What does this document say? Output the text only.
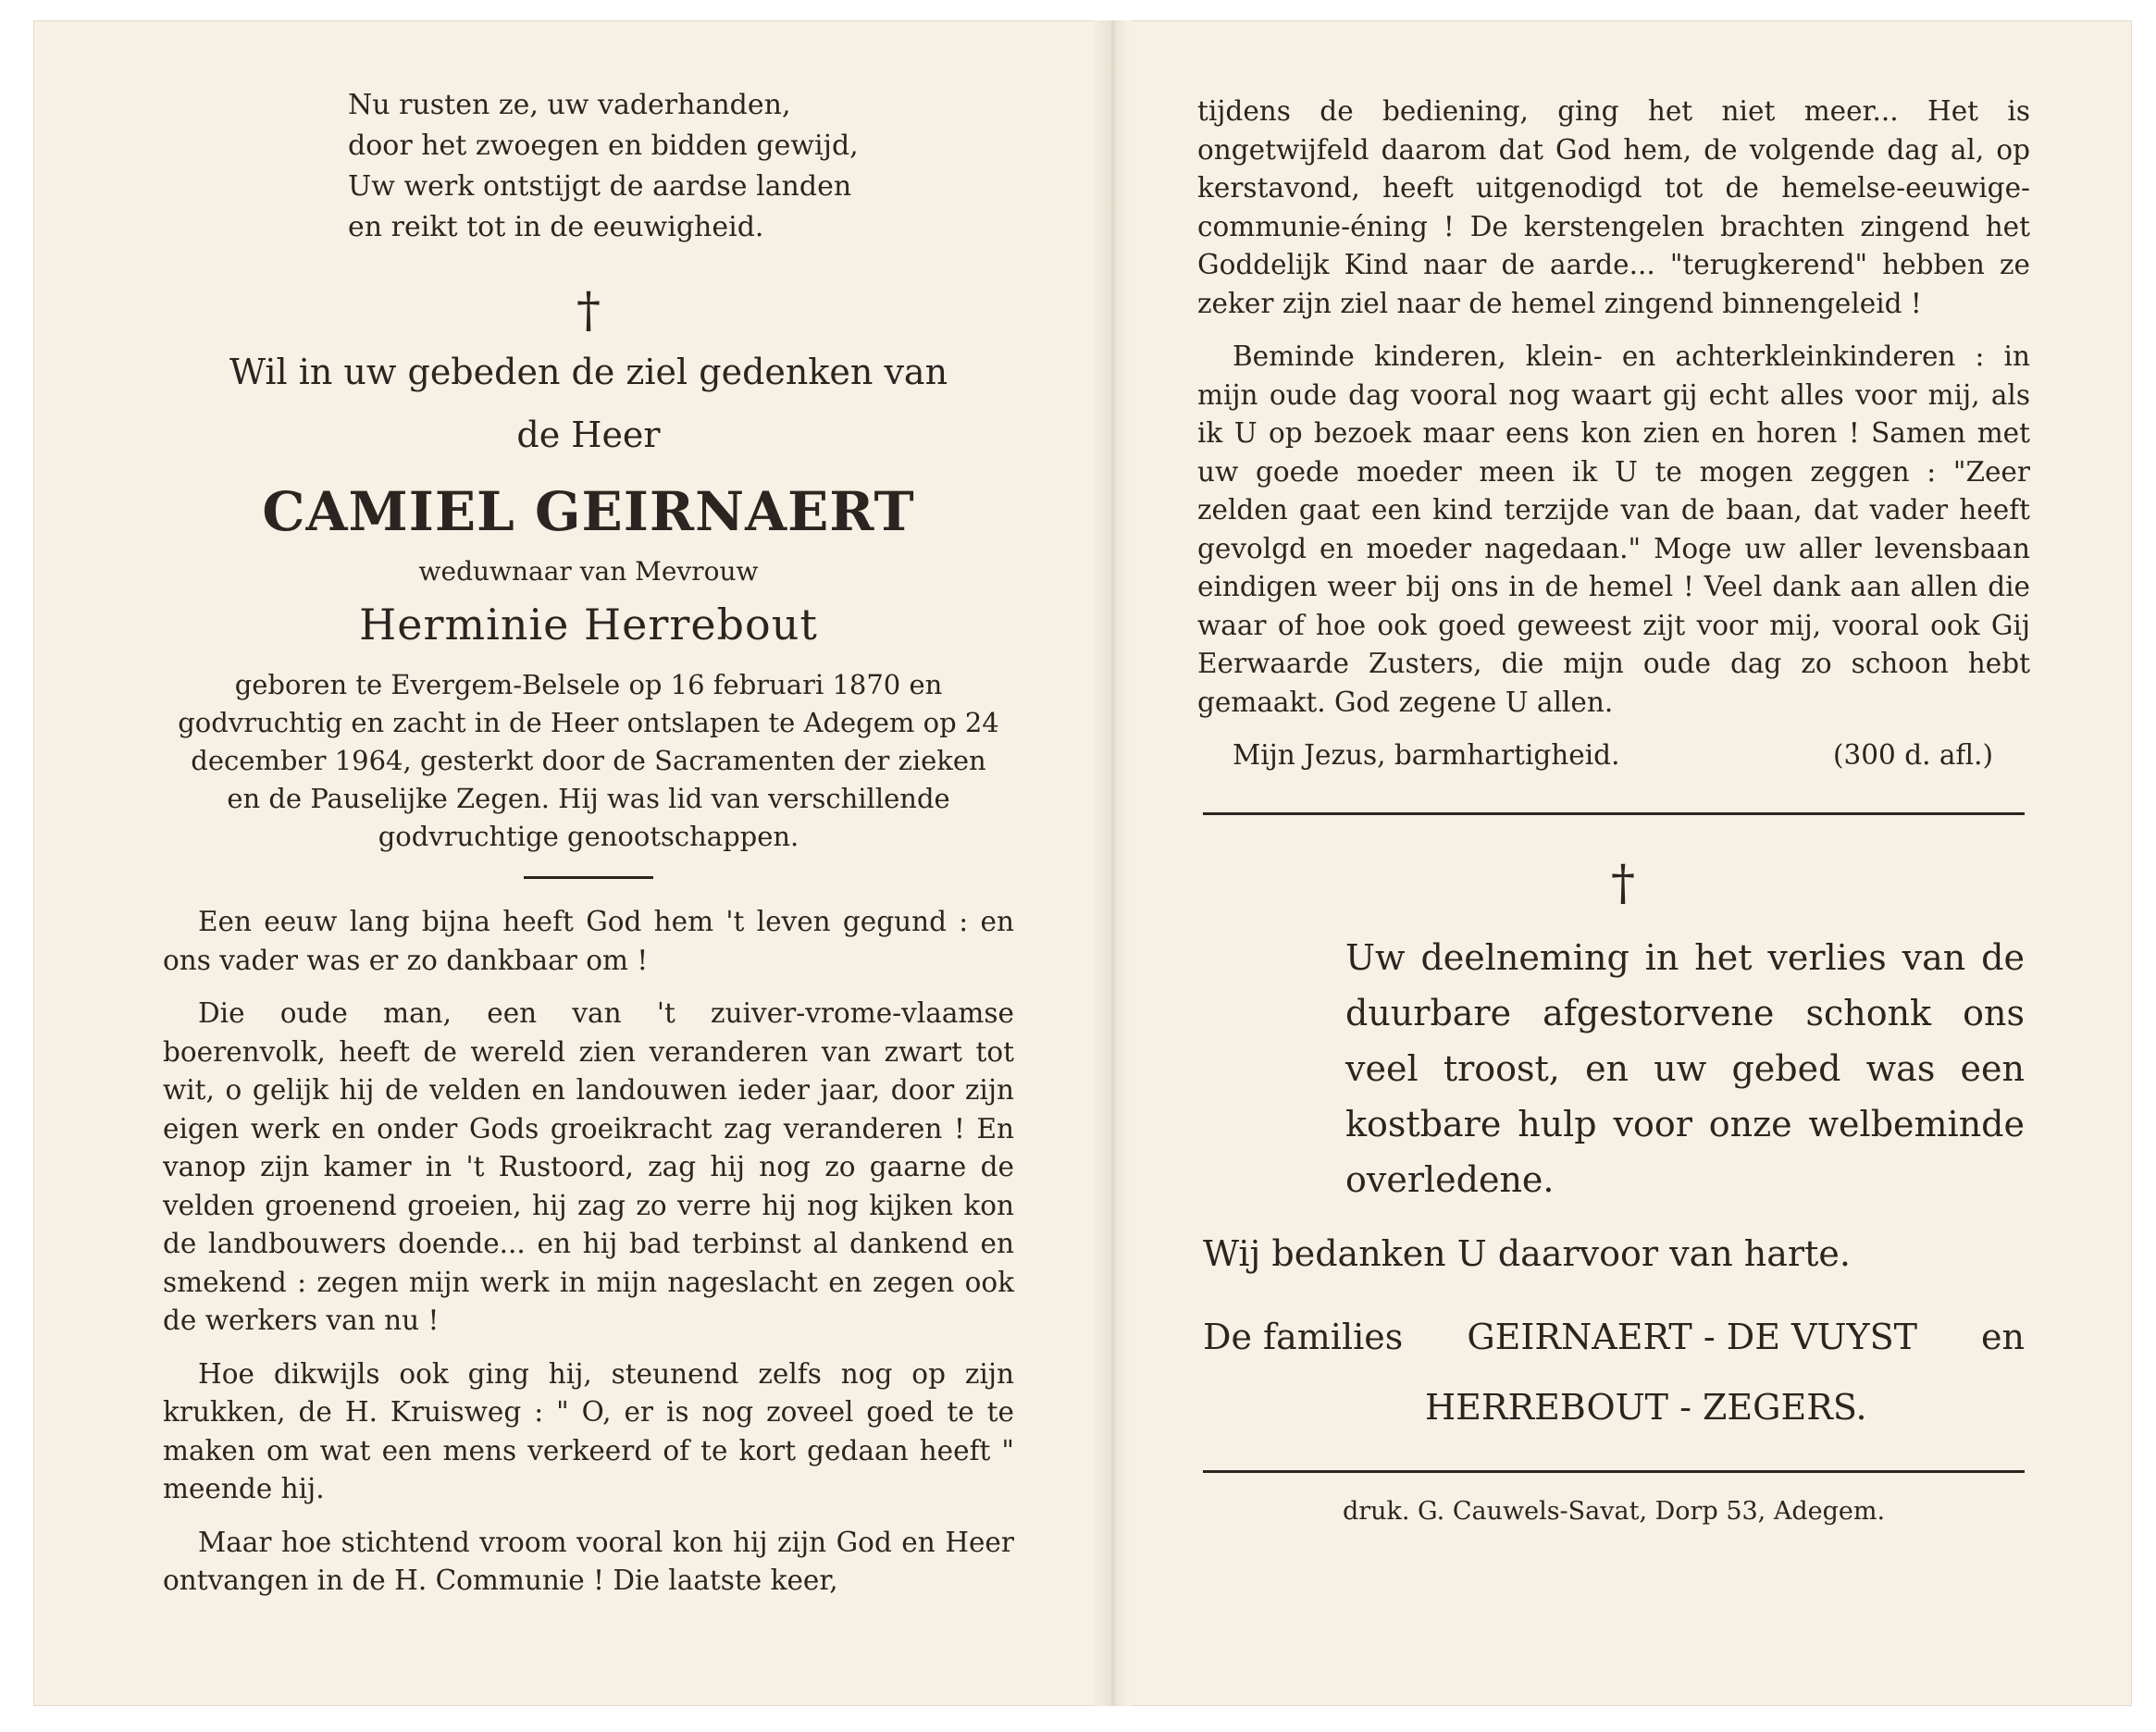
Nu rusten ze, uw vaderhanden,
door het zwoegen en bidden gewijd,
Uw werk ontstijgt de aardse landen
en reikt tot in de eeuwigheid.
†
Wil in uw gebeden de ziel gedenken van
de Heer
CAMIEL GEIRNAERT
weduwnaar van Mevrouw
Herminie Herrebout
geboren te Evergem-Belsele op 16 februari 1870 en godvruchtig en zacht in de Heer ontslapen te Adegem op 24 december 1964, gesterkt door de Sacramenten der zieken en de Pauselijke Zegen. Hij was lid van verschillende godvruchtige genootschappen.

Een eeuw lang bijna heeft God hem 't leven gegund : en ons vader was er zo dankbaar om !

Die oude man, een van 't zuiver-vrome-vlaamse boerenvolk, heeft de wereld zien veranderen van zwart tot wit, o gelijk hij de velden en landouwen ieder jaar, door zijn eigen werk en onder Gods groeikracht zag veranderen ! En vanop zijn kamer in 't Rustoord, zag hij nog zo gaarne de velden groenend groeien, hij zag zo verre hij nog kijken kon de landbouwers doende... en hij bad terbinst al dankend en smekend : zegen mijn werk in mijn nageslacht en zegen ook de werkers van nu !

Hoe dikwijls ook ging hij, steunend zelfs nog op zijn krukken, de H. Kruisweg : " O, er is nog zoveel goed te te maken om wat een mens verkeerd of te kort gedaan heeft " meende hij.

Maar hoe stichtend vroom vooral kon hij zijn God en Heer ontvangen in de H. Communie ! Die laatste keer,

tijdens de bediening, ging het niet meer... Het is ongetwijfeld daarom dat God hem, de volgende dag al, op kerstavond, heeft uitgenodigd tot de hemelse-eeuwige-communie-éning ! De kerstengelen brachten zingend het Goddelijk Kind naar de aarde... "terugkerend" hebben ze zeker zijn ziel naar de hemel zingend binnengeleid !

Beminde kinderen, klein- en achterkleinkinderen : in mijn oude dag vooral nog waart gij echt alles voor mij, als ik U op bezoek maar eens kon zien en horen ! Samen met uw goede moeder meen ik U te mogen zeggen : "Zeer zelden gaat een kind terzijde van de baan, dat vader heeft gevolgd en moeder nagedaan." Moge uw aller levensbaan eindigen weer bij ons in de hemel ! Veel dank aan allen die waar of hoe ook goed geweest zijt voor mij, vooral ook Gij Eerwaarde Zusters, die mijn oude dag zo schoon hebt gemaakt. God zegene U allen.

Mijn Jezus, barmhartigheid.	(300 d. afl.)
†
Uw deelneming in het verlies van de duurbare afgestorvene schonk ons veel troost, en uw gebed was een kostbare hulp voor onze welbeminde overledene.
Wij bedanken U daarvoor van harte.
De families GEIRNAERT - DE VUYST en
HERREBOUT - ZEGERS.
druk. G. Cauwels-Savat, Dorp 53, Adegem.
